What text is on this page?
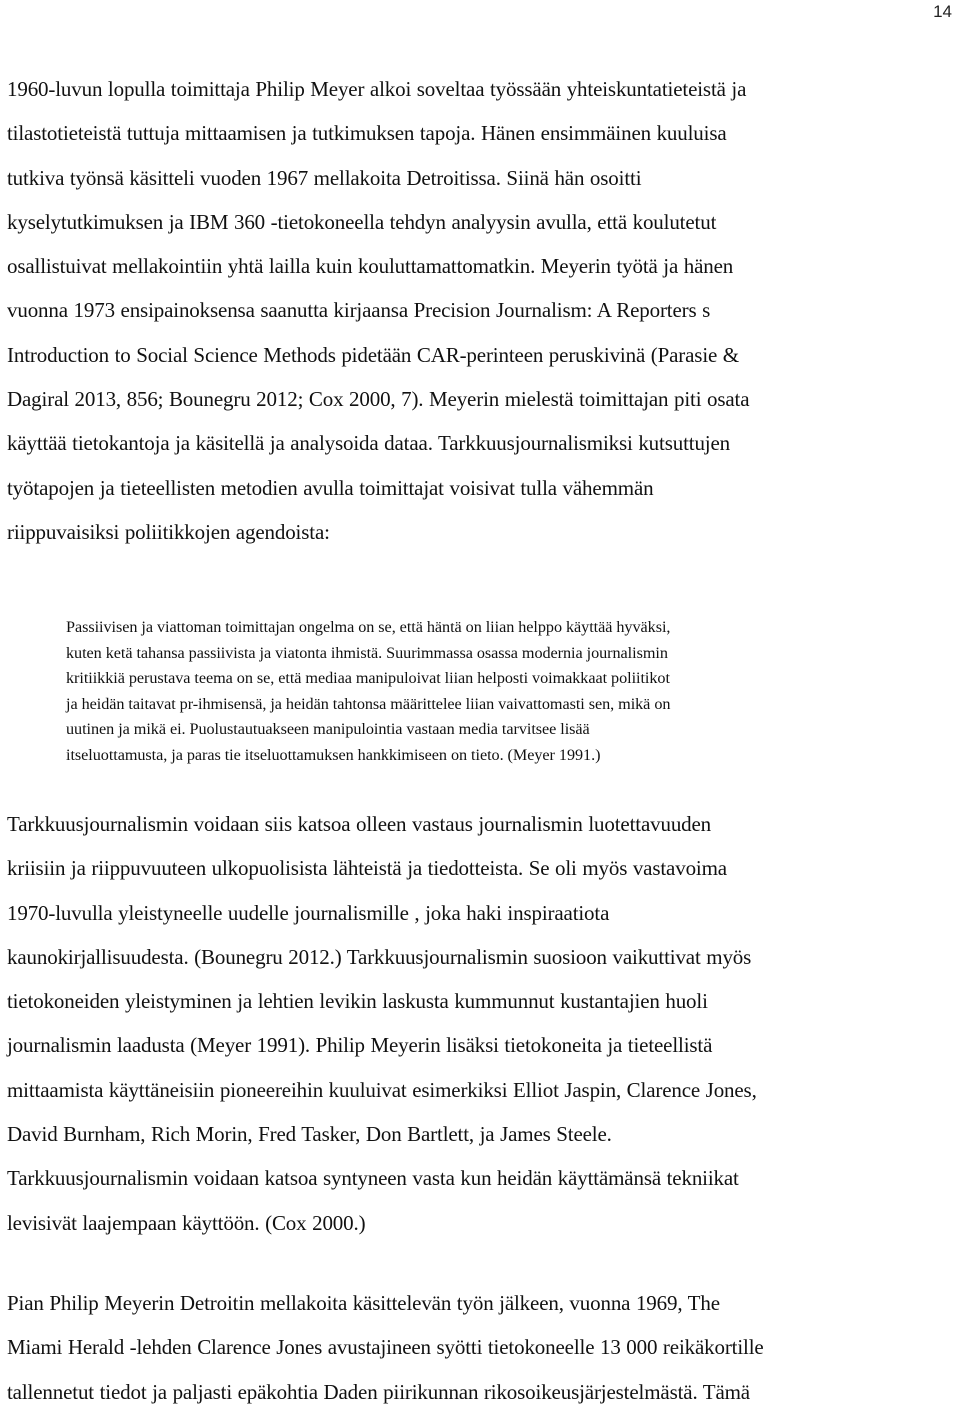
14

1960-luvun lopulla toimittaja Philip Meyer alkoi soveltaa työssään yhteiskuntatieteistä ja
tilastotieteistä tuttuja mittaamisen ja tutkimuksen tapoja. Hänen ensimmäinen kuuluisa
tutkiva työnsä käsitteli vuoden 1967 mellakoita Detroitissa. Siinä hän osoitti
kyselytutkimuksen ja IBM 360 -tietokoneella tehdyn analyysin avulla, että koulutetut
osallistuivat mellakointiin yhtä lailla kuin kouluttamattomatkin. Meyerin työtä ja hänen
vuonna 1973 ensipainoksensa saanutta kirjaansa Precision Journalism: A Reporters s
Introduction to Social Science Methods pidetään CAR-perinteen peruskivinä (Parasie &
Dagiral 2013, 856; Bounegru 2012; Cox 2000, 7). Meyerin mielestä toimittajan piti osata
käyttää tietokantoja ja käsitellä ja analysoida dataa. Tarkkuusjournalismiksi kutsuttujen
työtapojen ja tieteellisten metodien avulla toimittajat voisivat tulla vähemmän
riippuvaisiksi poliitikkojen agendoista:

Passiivisen ja viattoman toimittajan ongelma on se, että häntä on liian helppo käyttää hyväksi,
kuten ketä tahansa passiivista ja viatonta ihmistä. Suurimmassa osassa modernia journalismin
kritiikkiä perustava teema on se, että mediaa manipuloivat liian helposti voimakkaat poliitikot
ja heidän taitavat pr-ihmisensä, ja heidän tahtonsa määrittelee liian vaivattomasti sen, mikä on
uutinen ja mikä ei. Puolustautuakseen manipulointia vastaan media tarvitsee lisää
itseluottamusta, ja paras tie itseluottamuksen hankkimiseen on tieto. (Meyer 1991.)

Tarkkuusjournalismin voidaan siis katsoa olleen vastaus journalismin luotettavuuden
kriisiin ja riippuvuuteen ulkopuolisista lähteistä ja tiedotteista. Se oli myös vastavoima
1970-luvulla yleistyneelle uudelle journalismille , joka haki inspiraatiota
kaunokirjallisuudesta. (Bounegru 2012.) Tarkkuusjournalismin suosioon vaikuttivat myös
tietokoneiden yleistyminen ja lehtien levikin laskusta kummunnut kustantajien huoli
journalismin laadusta (Meyer 1991). Philip Meyerin lisäksi tietokoneita ja tieteellistä
mittaamista käyttäneisiin pioneereihin kuuluivat esimerkiksi Elliot Jaspin, Clarence Jones,
David Burnham, Rich Morin, Fred Tasker, Don Bartlett, ja James Steele.
Tarkkuusjournalismin voidaan katsoa syntyneen vasta kun heidän käyttämänsä tekniikat
levisivät laajempaan käyttöön. (Cox 2000.)

Pian Philip Meyerin Detroitin mellakoita käsittelevän työn jälkeen, vuonna 1969, The
Miami Herald -lehden Clarence Jones avustajineen syötti tietokoneelle 13 000 reikäkortille
tallennetut tiedot ja paljasti epäkohtia Daden piirikunnan rikosoikeusjärjestelmästä. Tämä
